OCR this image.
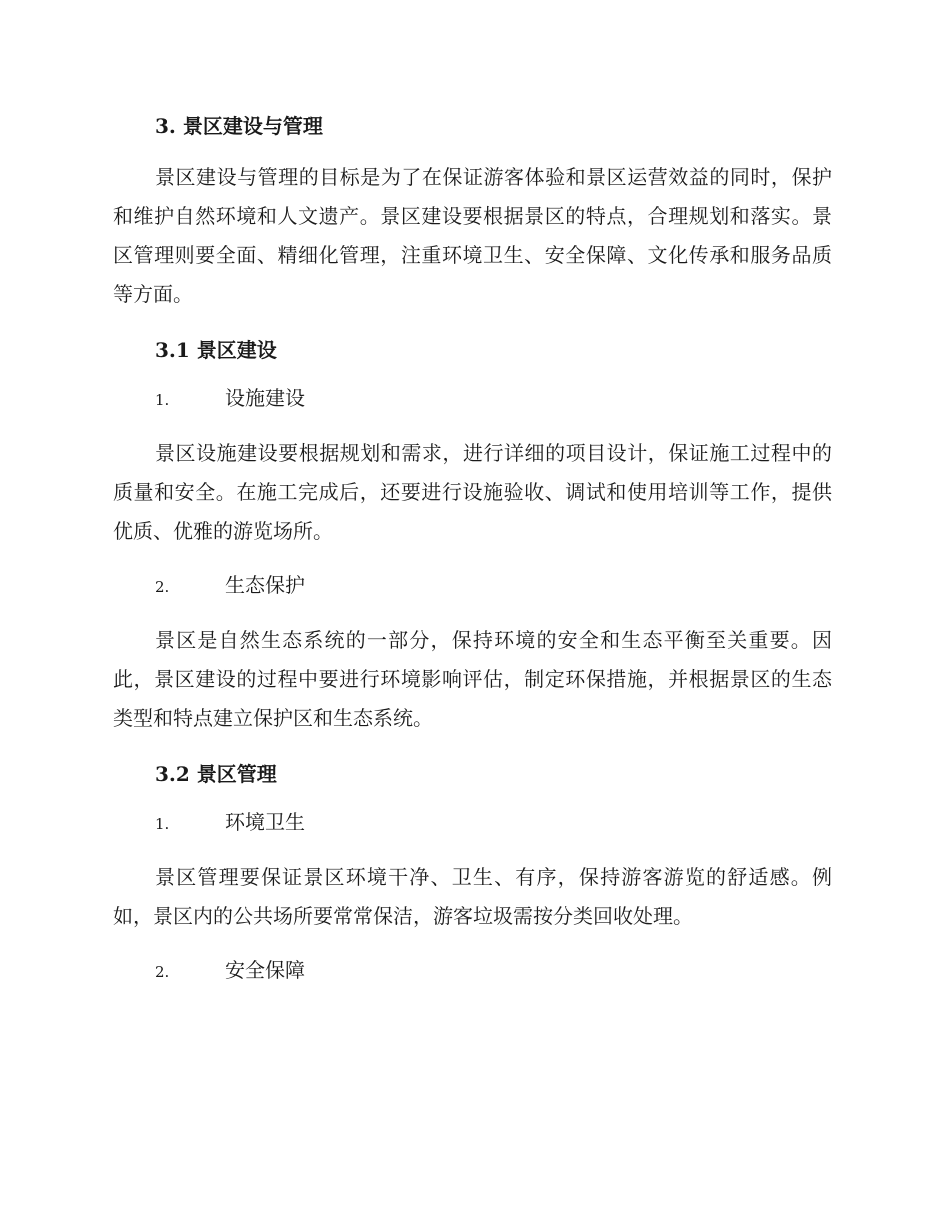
3. 景区建设与管理

景区建设与管理的目标是为了在保证游客体验和景区运营效益的同时，保护和维护自然环境和人文遗产。景区建设要根据景区的特点，合理规划和落实。景区管理则要全面、精细化管理，注重环境卫生、安全保障、文化传承和服务品质等方面。

3.1 景区建设
1.	设施建设

景区设施建设要根据规划和需求，进行详细的项目设计，保证施工过程中的质量和安全。在施工完成后，还要进行设施验收、调试和使用培训等工作，提供优质、优雅的游览场所。

2.	生态保护

景区是自然生态系统的一部分，保持环境的安全和生态平衡至关重要。因此，景区建设的过程中要进行环境影响评估，制定环保措施，并根据景区的生态类型和特点建立保护区和生态系统。

3.2 景区管理
1.	环境卫生

景区管理要保证景区环境干净、卫生、有序，保持游客游览的舒适感。例如，景区内的公共场所要常常保洁，游客垃圾需按分类回收处理。

2.	安全保障
